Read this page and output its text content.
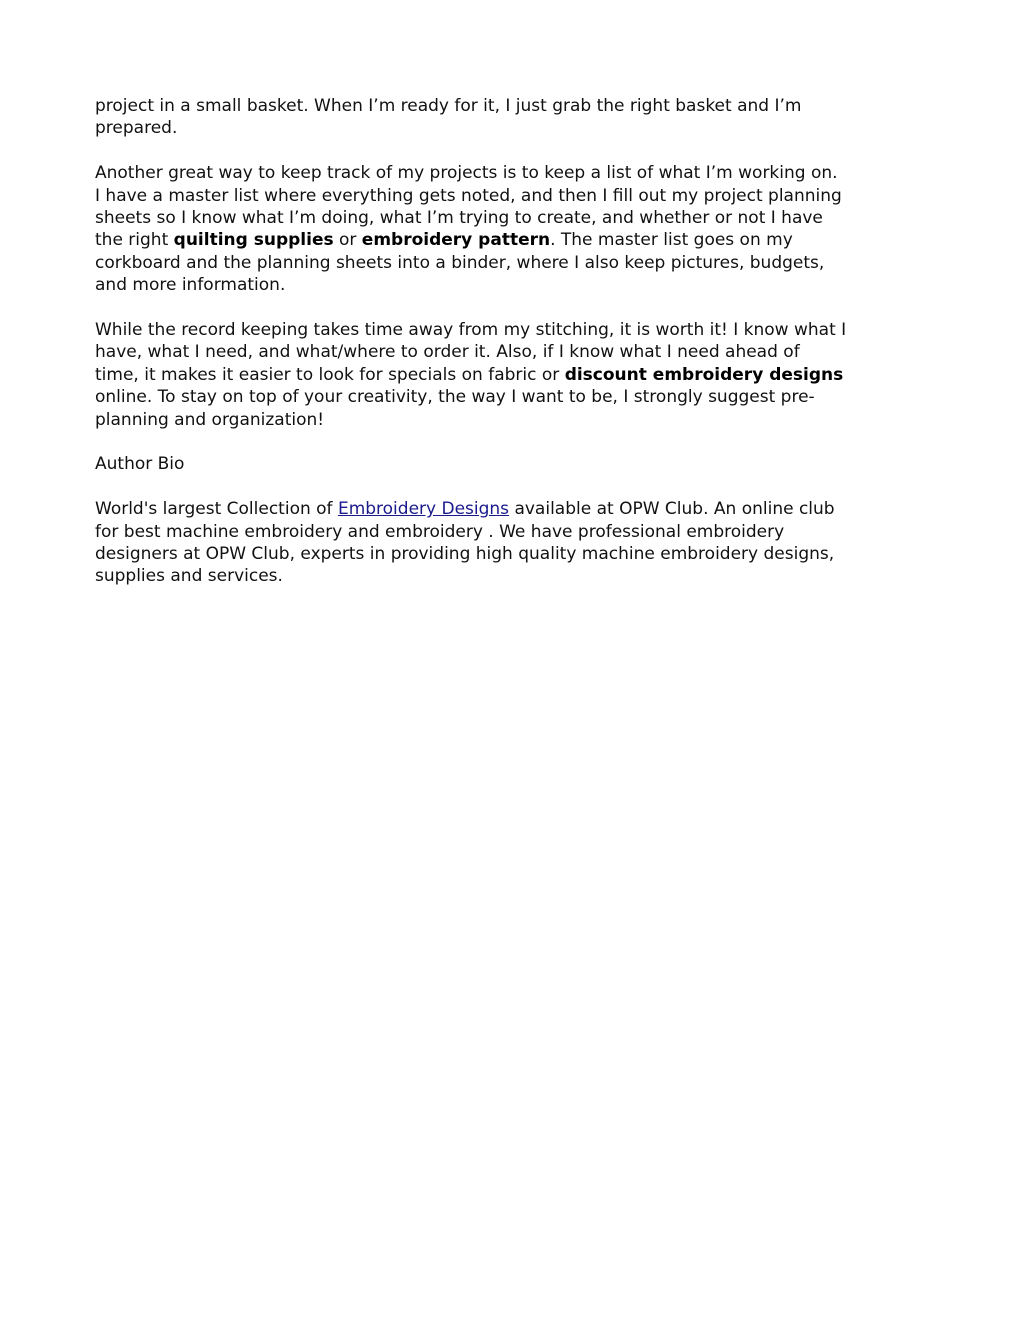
project in a small basket. When I’m ready for it, I just grab the right basket and I’m
prepared.

Another great way to keep track of my projects is to keep a list of what I’m working on.
I have a master list where everything gets noted, and then I fill out my project planning
sheets so I know what I’m doing, what I’m trying to create, and whether or not I have
the right quilting supplies or embroidery pattern. The master list goes on my
corkboard and the planning sheets into a binder, where I also keep pictures, budgets,
and more information.

While the record keeping takes time away from my stitching, it is worth it! I know what I
have, what I need, and what/where to order it. Also, if I know what I need ahead of
time, it makes it easier to look for specials on fabric or discount embroidery designs
online. To stay on top of your creativity, the way I want to be, I strongly suggest pre-
planning and organization!

Author Bio

World's largest Collection of Embroidery Designs available at OPW Club. An online club
for best machine embroidery and embroidery . We have professional embroidery
designers at OPW Club, experts in providing high quality machine embroidery designs,
supplies and services.
